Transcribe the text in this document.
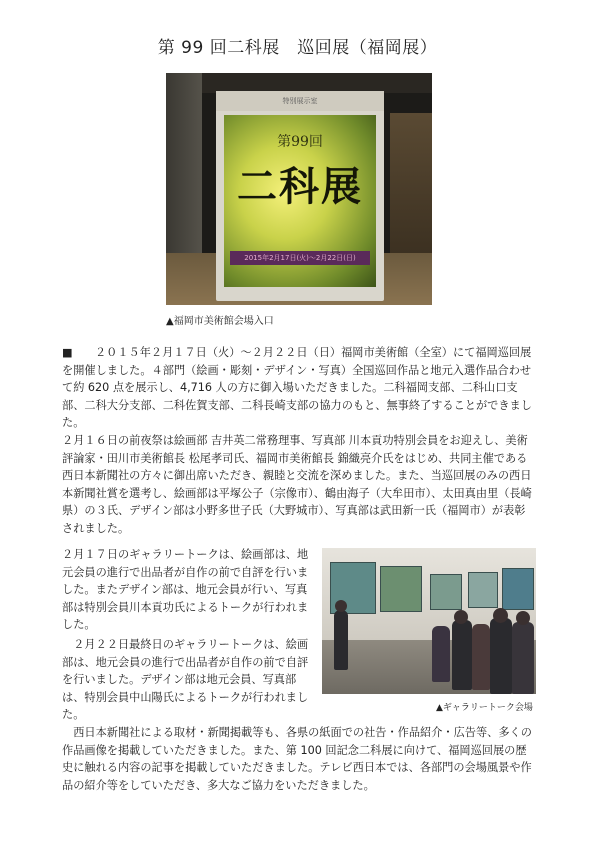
第 99 回二科展　巡回展（福岡展）
特別展示室
第99回
二科展
2015年2月17日(火)〜2月22日(日)
▲福岡市美術館会場入口

■　　２０１５年２月１７日（火）〜２月２２日（日）福岡市美術館（全室）にて福岡巡回展を開催しました。４部門（絵画・彫刻・デザイン・写真）全国巡回作品と地元入選作品合わせて約 620 点を展示し、4,716 人の方に御入場いただきました。二科福岡支部、二科山口支部、二科大分支部、二科佐賀支部、二科長崎支部の協力のもと、無事終了することができました。

２月１６日の前夜祭は絵画部 吉井英二常務理事、写真部 川本貢功特別会員をお迎えし、美術評論家・田川市美術館長 松尾孝司氏、福岡市美術館長 錦織亮介氏をはじめ、共同主催である西日本新聞社の方々に御出席いただき、親睦と交流を深めました。また、当巡回展のみの西日本新聞社賞を選考し、絵画部は平塚公子（宗像市）、鶴由海子（大牟田市）、太田真由里（長崎県）の３氏、デザイン部は小野多世子氏（大野城市）、写真部は武田新一氏（福岡市）が表彰されました。

２月１７日のギャラリートークは、絵画部は、地元会員の進行で出品者が自作の前で自評を行いました。またデザイン部は、地元会員が行い、写真部は特別会員川本貢功氏によるトークが行われました。

　２月２２日最終日のギャラリートークは、絵画部は、地元会員の進行で出品者が自作の前で自評を行いました。デザイン部は地元会員、写真部は、特別会員中山陽氏によるトークが行われました。

　西日本新聞社による取材・新聞掲載等も、各県の紙面での社告・作品紹介・広告等、多くの作品画像を掲載していただきました。また、第 100 回記念二科展に向けて、福岡巡回展の歴史に触れる内容の記事を掲載していただきました。テレビ西日本では、各部門の会場風景や作品の紹介等をしていただき、多大なご協力をいただきました。

▲ギャラリートーク会場
